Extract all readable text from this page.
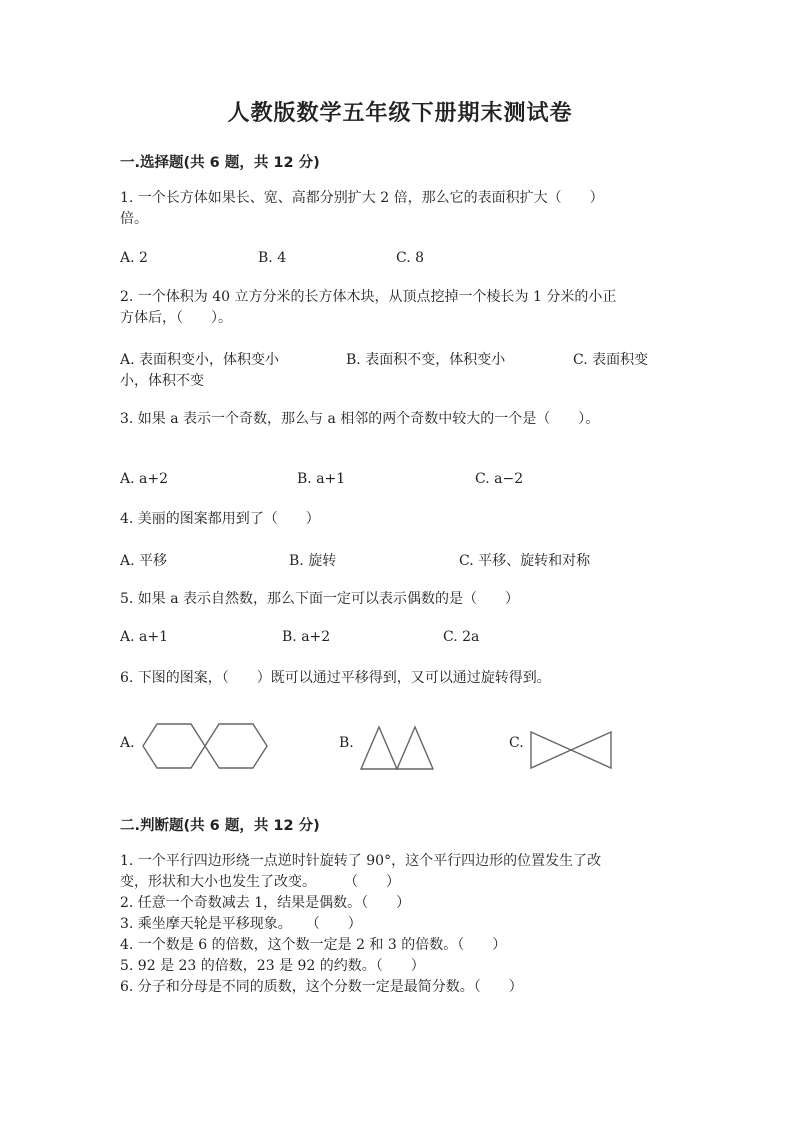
人教版数学五年级下册期末测试卷
一.选择题(共 6 题，共 12 分)
1. 一个长方体如果长、宽、高都分别扩大 2 倍，那么它的表面积扩大（　　）
倍。
A. 2	B. 4	C. 8
2. 一个体积为 40 立方分米的长方体木块，从顶点挖掉一个棱长为 1 分米的小正
方体后，（　　）。
A. 表面积变小，体积变小	B. 表面积不变，体积变小	C. 表面积变
小，体积不变
3. 如果 a 表示一个奇数，那么与 a 相邻的两个奇数中较大的一个是（　　）。
A. a+2	B. a+1	C. a−2
4. 美丽的图案都用到了（　　）
A. 平移	B. 旋转	C. 平移、旋转和对称
5. 如果 a 表示自然数，那么下面一定可以表示偶数的是（　　）
A. a+1	B. a+2	C. 2a
6. 下图的图案，（　　）既可以通过平移得到，又可以通过旋转得到。
A.	B.	C.
二.判断题(共 6 题，共 12 分)
1. 一个平行四边形绕一点逆时针旋转了 90°，这个平行四边形的位置发生了改
变，形状和大小也发生了改变。　　　（　　）
2. 任意一个奇数减去 1，结果是偶数。（　　）
3. 乘坐摩天轮是平移现象。　　（　　）
4. 一个数是 6 的倍数，这个数一定是 2 和 3 的倍数。（　　）
5. 92 是 23 的倍数，23 是 92 的约数。（　　）
6. 分子和分母是不同的质数，这个分数一定是最简分数。（　　）
